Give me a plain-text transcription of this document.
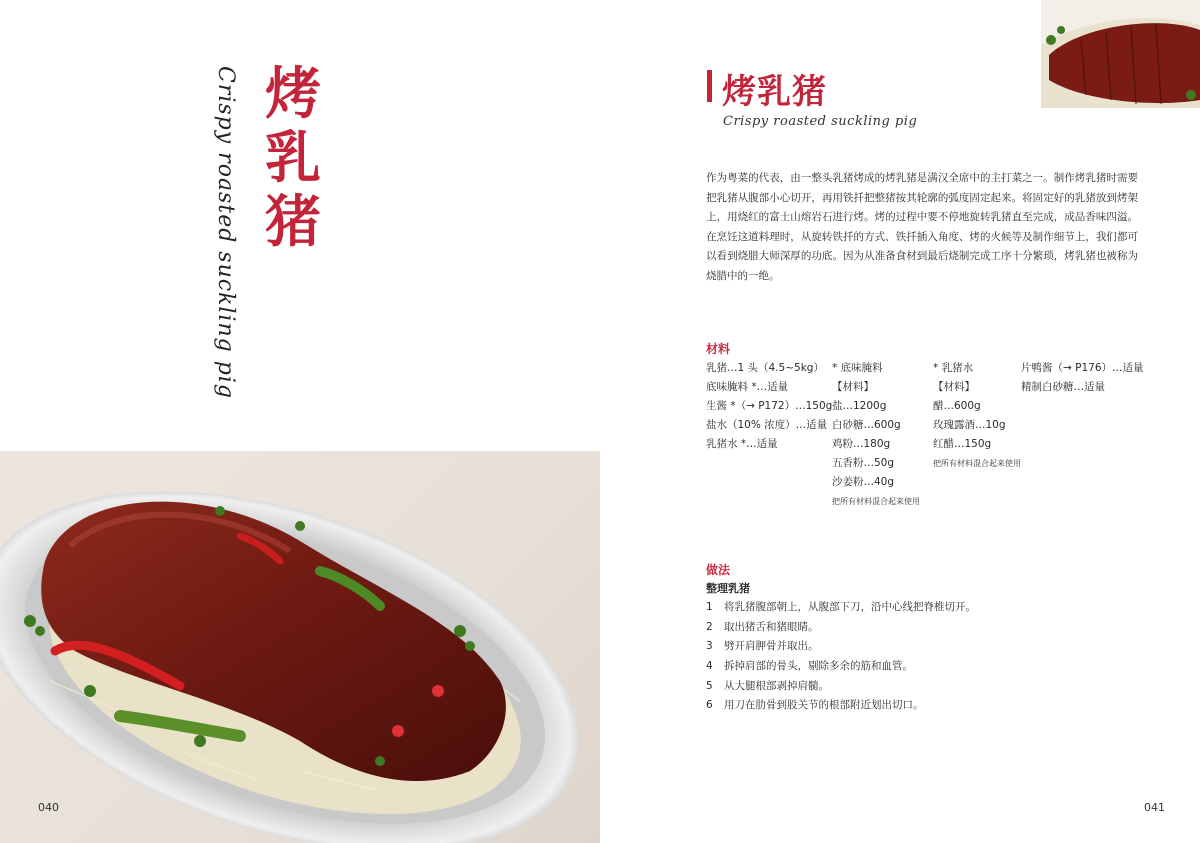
烤
乳
猪
Crispy roasted suckling pig
040
烤乳猪
Crispy roasted suckling pig
作为粤菜的代表，由一整头乳猪烤成的烤乳猪是满汉全席中的主打菜之一。制作烤乳猪时需要把乳猪从腹部小心切开，再用铁扦把整猪按其轮廓的弧度固定起来。将固定好的乳猪放到烤架上，用烧红的富士山熔岩石进行烤。烤的过程中要不停地旋转乳猪直至完成，成品香味四溢。在烹饪这道料理时，从旋转铁扦的方式、铁扦插入角度、烤的火候等及制作细节上，我们都可以看到烧腊大师深厚的功底。因为从准备食材到最后烧制完成工序十分繁琐，烤乳猪也被称为烧腊中的一绝。
材料
乳猪…1 头（4.5~5kg）
底味腌料 *…适量
生酱 *（→ P172）…150g
盐水（10% 浓度）…适量
乳猪水 *…适量
* 底味腌料
【材料】
盐…1200g
白砂糖…600g
鸡粉…180g
五香粉…50g
沙姜粉…40g
把所有材料混合起来使用
* 乳猪水
【材料】
醋…600g
玫瑰露酒…10g
红醋…150g
把所有材料混合起来使用
片鸭酱（→ P176）…适量
精制白砂糖…适量
做法
整理乳猪
1 将乳猪腹部朝上，从腹部下刀，沿中心线把脊椎切开。
2 取出猪舌和猪眼睛。
3 劈开肩胛骨并取出。
4 拆掉肩部的骨头，剔除多余的筋和血管。
5 从大腿根部剥掉肩髓。
6 用刀在肋骨到股关节的根部附近划出切口。
041
